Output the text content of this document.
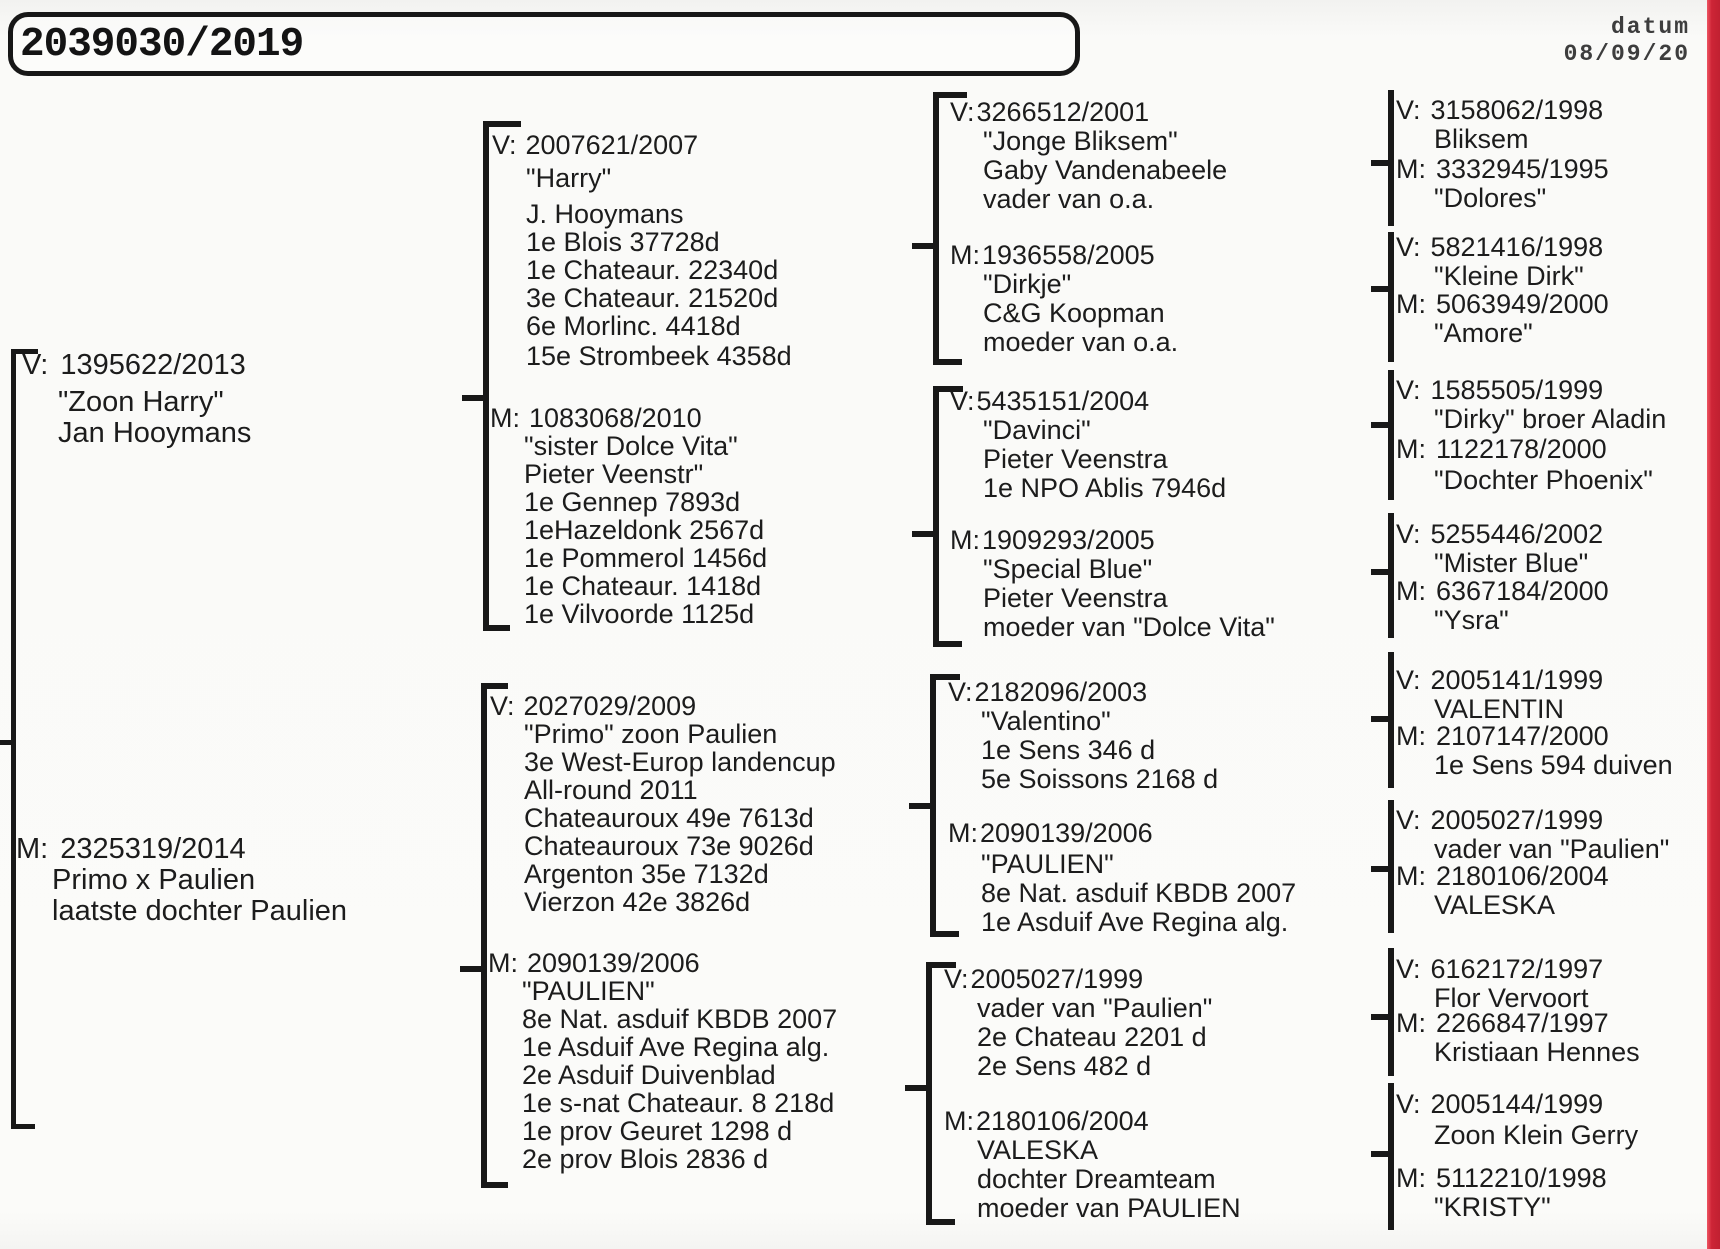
2039030/2019	datum
08/09/20
V: 1395622/2013
"Zoon Harry"
Jan Hooymans
M: 2325319/2014
Primo x Paulien
laatste dochter Paulien
V: 2007621/2007
"Harry"
J. Hooymans
1e Blois 37728d
1e Chateaur. 22340d
3e Chateaur. 21520d
6e Morlinc. 4418d
15e Strombeek 4358d
M: 1083068/2010
"sister Dolce Vita"
Pieter Veenstr"
1e Gennep 7893d
1eHazeldonk 2567d
1e Pommerol 1456d
1e Chateaur. 1418d
1e Vilvoorde 1125d
V: 2027029/2009
"Primo" zoon Paulien
3e West-Europ landencup
All-round 2011
Chateauroux 49e 7613d
Chateauroux 73e 9026d
Argenton 35e 7132d
Vierzon 42e 3826d
M: 2090139/2006
"PAULIEN"
8e Nat. asduif KBDB 2007
1e Asduif Ave Regina alg.
2e Asduif Duivenblad
1e s-nat Chateaur. 8 218d
1e prov Geuret 1298 d
2e prov Blois 2836 d
V:3266512/2001
"Jonge Bliksem"
Gaby Vandenabeele
vader van o.a.
M:1936558/2005
"Dirkje"
C&G Koopman
moeder van o.a.
V:5435151/2004
"Davinci"
Pieter Veenstra
1e NPO Ablis 7946d
M:1909293/2005
"Special Blue"
Pieter Veenstra
moeder van "Dolce Vita"
V:2182096/2003
"Valentino"
1e Sens 346 d
5e Soissons 2168 d
M:2090139/2006
"PAULIEN"
8e Nat. asduif KBDB 2007
1e Asduif Ave Regina alg.
V:2005027/1999
vader van "Paulien"
2e Chateau 2201 d
2e Sens 482 d
M:2180106/2004
VALESKA
dochter Dreamteam
moeder van PAULIEN
V: 3158062/1998
Bliksem
M: 3332945/1995
"Dolores"
V: 5821416/1998
"Kleine Dirk"
M: 5063949/2000
"Amore"
V: 1585505/1999
"Dirky" broer Aladin
M: 1122178/2000
"Dochter Phoenix"
V: 5255446/2002
"Mister Blue"
M: 6367184/2000
"Ysra"
V: 2005141/1999
VALENTIN
M: 2107147/2000
1e Sens 594 duiven
V: 2005027/1999
vader van "Paulien"
M: 2180106/2004
VALESKA
V: 6162172/1997
Flor Vervoort
M: 2266847/1997
Kristiaan Hennes
V: 2005144/1999
Zoon Klein Gerry
M: 5112210/1998
"KRISTY"
